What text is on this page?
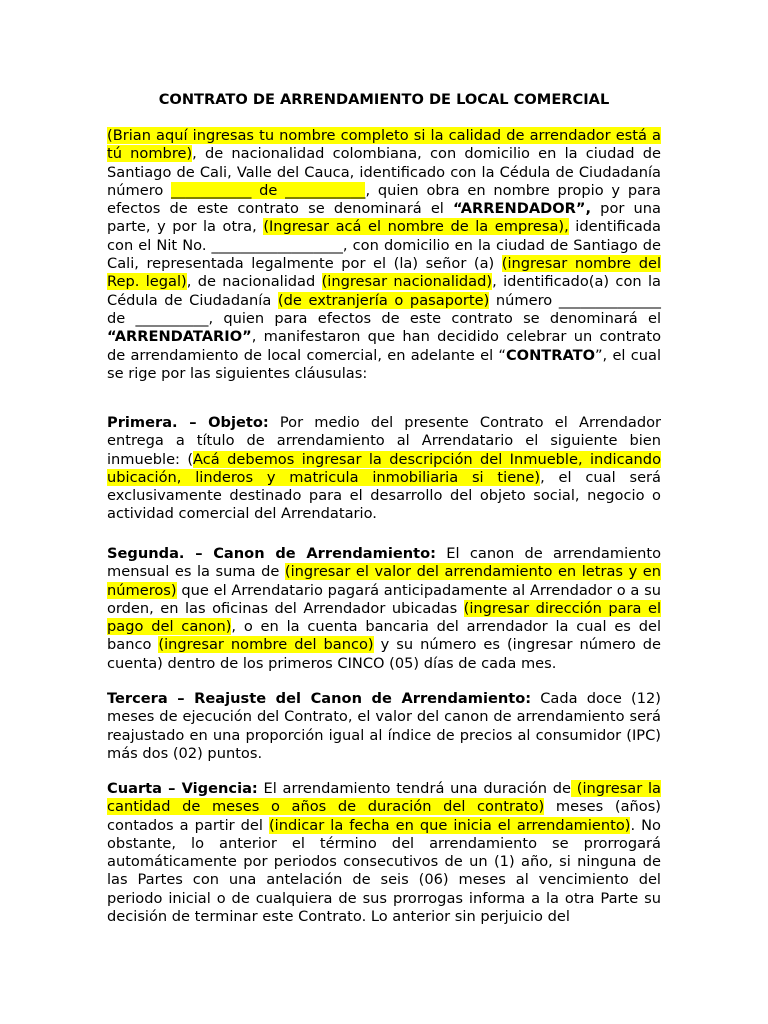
CONTRATO DE ARRENDAMIENTO DE LOCAL COMERCIAL

(Brian aquí ingresas tu nombre completo si la calidad de arrendador está a tú nombre), de nacionalidad colombiana, con domicilio en la ciudad de Santiago de Cali, Valle del Cauca, identificado con la Cédula de Ciudadanía número ___________ de ___________, quien obra en nombre propio y para efectos de este contrato se denominará el “ARRENDADOR”, por una parte, y por la otra, (Ingresar acá el nombre de la empresa), identificada con el Nit No. __________________, con domicilio en la ciudad de Santiago de Cali, representada legalmente por el (la) señor (a) (ingresar nombre del Rep. legal), de nacionalidad (ingresar nacionalidad), identificado(a) con la Cédula de Ciudadanía (de extranjería o pasaporte) número ______________ de __________, quien para efectos de este contrato se denominará el “ARRENDATARIO”, manifestaron que han decidido celebrar un contrato de arrendamiento de local comercial, en adelante el “CONTRATO”, el cual se rige por las siguientes cláusulas:

Primera. – Objeto: Por medio del presente Contrato el Arrendador entrega a título de arrendamiento al Arrendatario el siguiente bien inmueble: (Acá debemos ingresar la descripción del Inmueble, indicando ubicación, linderos y matricula inmobiliaria si tiene), el cual será exclusivamente destinado para el desarrollo del objeto social, negocio o actividad comercial del Arrendatario.

Segunda. – Canon de Arrendamiento: El canon de arrendamiento mensual es la suma de (ingresar el valor del arrendamiento en letras y en números) que el Arrendatario pagará anticipadamente al Arrendador o a su orden, en las oficinas del Arrendador ubicadas (ingresar dirección para el pago del canon), o en la cuenta bancaria del arrendador la cual es del banco (ingresar nombre del banco) y su número es (ingresar número de cuenta) dentro de los primeros CINCO (05) días de cada mes.

Tercera – Reajuste del Canon de Arrendamiento: Cada doce (12) meses de ejecución del Contrato, el valor del canon de arrendamiento será reajustado en una proporción igual al índice de precios al consumidor (IPC) más dos (02) puntos.

Cuarta – Vigencia: El arrendamiento tendrá una duración de (ingresar la cantidad de meses o años de duración del contrato) meses (años) contados a partir del (indicar la fecha en que inicia el arrendamiento). No obstante, lo anterior el término del arrendamiento se prorrogará automáticamente por periodos consecutivos de un (1) año, si ninguna de las Partes con una antelación de seis (06) meses al vencimiento del periodo inicial o de cualquiera de sus prorrogas informa a la otra Parte su decisión de terminar este Contrato. Lo anterior sin perjuicio del
